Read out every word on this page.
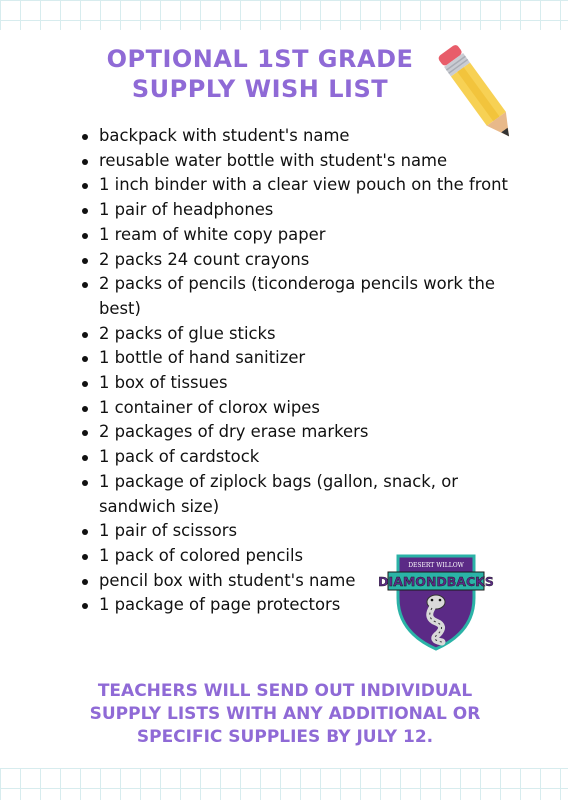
OPTIONAL 1ST GRADE
SUPPLY WISH LIST
backpack with student's name
reusable water bottle with student's name
1 inch binder with a clear view pouch on the front
1 pair of headphones
1 ream of white copy paper
2 packs 24 count crayons
2 packs of pencils (ticonderoga pencils work the best)
2 packs of glue sticks
1 bottle of hand sanitizer
1 box of tissues
1 container of clorox wipes
2 packages of dry erase markers
1 pack of cardstock
1 package of ziplock bags (gallon, snack, or sandwich size)
1 pair of scissors
1 pack of colored pencils
pencil box with student's name
1 package of page protectors
DESERT WILLOW
DIAMONDBACKS

TEACHERS WILL SEND OUT INDIVIDUAL
SUPPLY LISTS WITH ANY ADDITIONAL OR
SPECIFIC SUPPLIES BY JULY 12.
